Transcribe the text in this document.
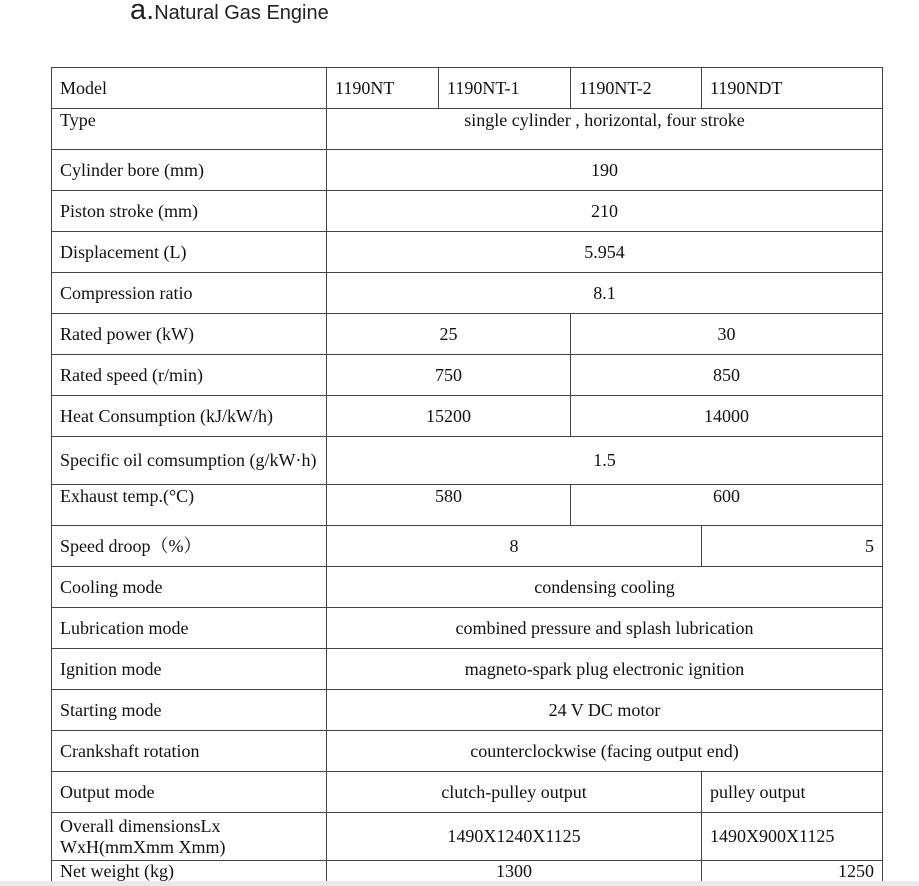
a.Natural Gas Engine
Model	1190NT	1190NT-1	1190NT-2	1190NDT
Type	single cylinder , horizontal, four stroke			
Cylinder bore (mm)	190			
Piston stroke (mm)	210			
Displacement (L)	5.954			
Compression ratio	8.1			
Rated power (kW)	25		30	
Rated speed (r/min)	750		850	
Heat Consumption (kJ/kW/h)	15200		14000	
Specific oil comsumption (g/kW·h)	1.5			
Exhaust temp.(°C)	580		600	
Speed droop（%）	8			5
Cooling mode	condensing cooling			
Lubrication mode	combined pressure and splash lubrication			
Ignition mode	magneto-spark plug electronic ignition			
Starting mode	24 V DC motor			
Crankshaft rotation	counterclockwise (facing output end)			
Output mode	clutch-pulley output			pulley output
Overall dimensionsLx WxH(mmXmm Xmm)	1490X1240X1125			1490X900X1125
Net weight (kg)	1300			1250
